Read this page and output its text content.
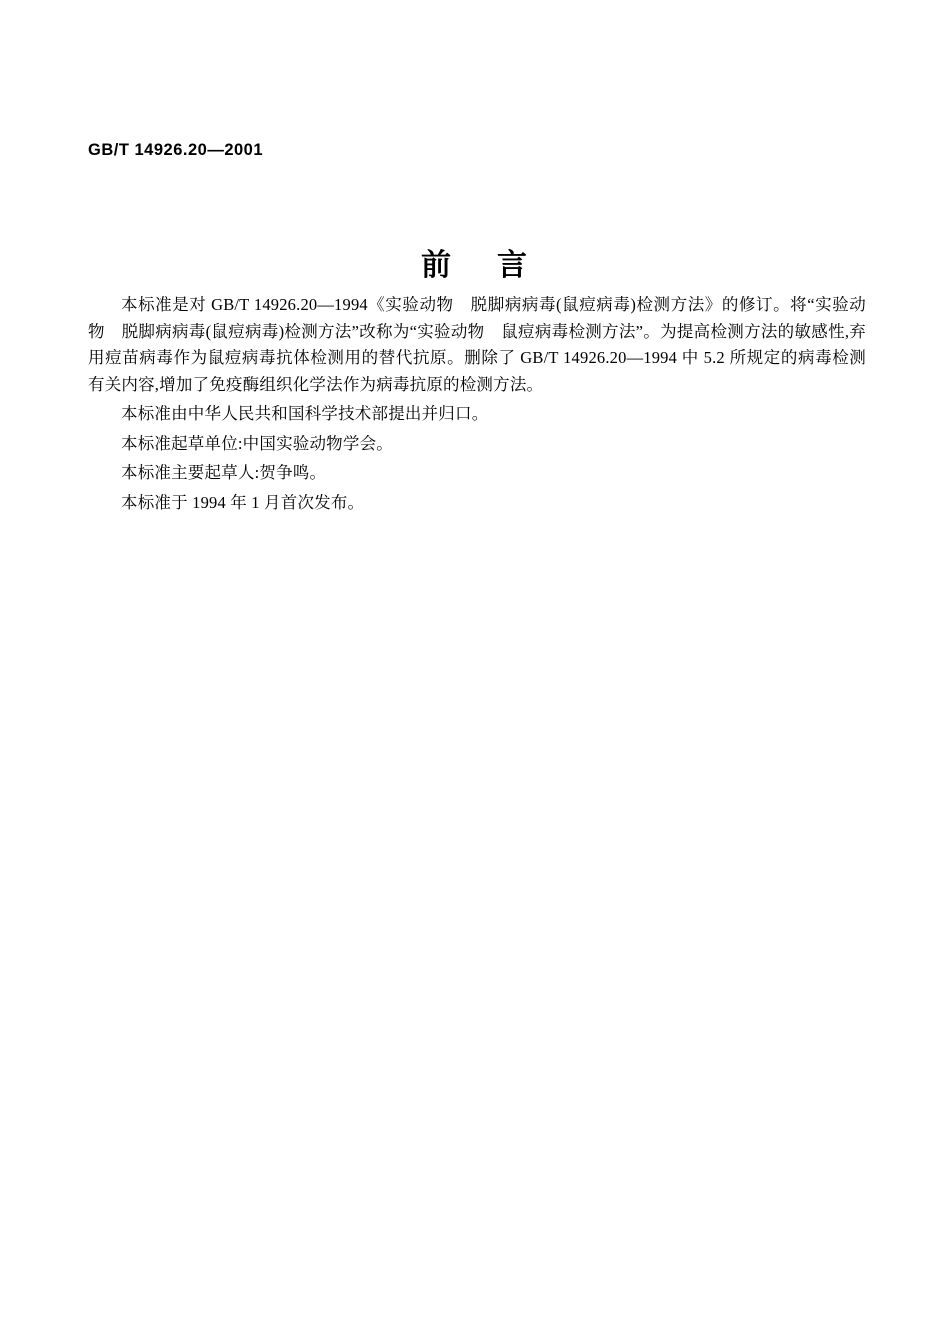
GB/T 14926.20—2001
前 言

本标准是对 GB/T 14926.20—1994《实验动物　脱脚病病毒(鼠痘病毒)检测方法》的修订。将“实验动物　脱脚病病毒(鼠痘病毒)检测方法”改称为“实验动物　鼠痘病毒检测方法”。为提高检测方法的敏感性,弃用痘苗病毒作为鼠痘病毒抗体检测用的替代抗原。删除了 GB/T 14926.20—1994 中 5.2 所规定的病毒检测有关内容,增加了免疫酶组织化学法作为病毒抗原的检测方法。

本标准由中华人民共和国科学技术部提出并归口。

本标准起草单位:中国实验动物学会。

本标准主要起草人:贺争鸣。

本标准于 1994 年 1 月首次发布。
